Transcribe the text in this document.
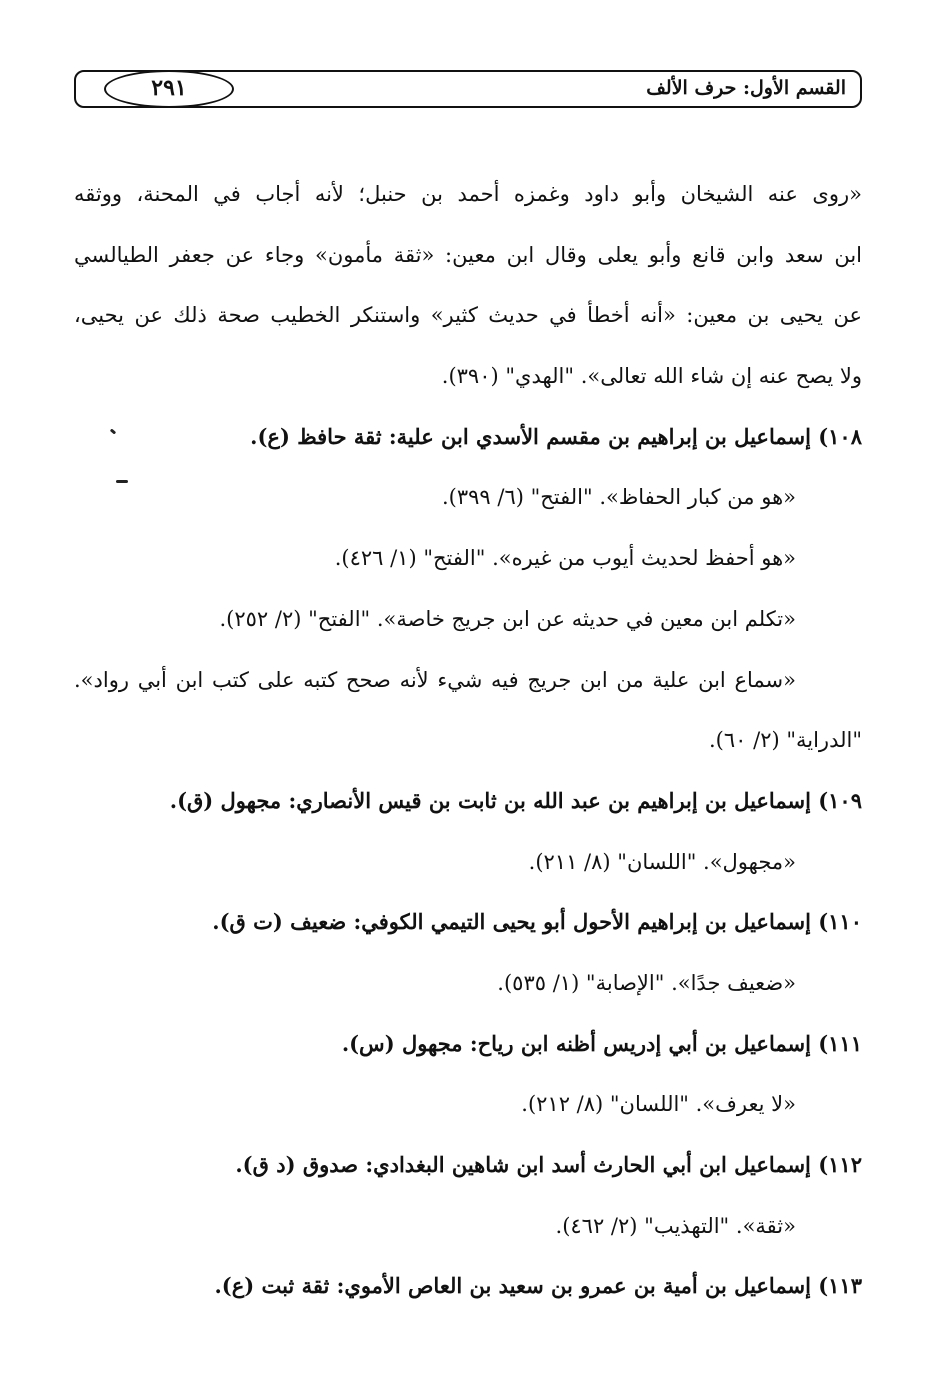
القسم الأول: حرف الألف
٢٩١
«روى عنه الشيخان وأبو داود وغمزه أحمد بن حنبل؛ لأنه أجاب في المحنة، ووثقه
ابن سعد وابن قانع وأبو يعلى وقال ابن معين: «ثقة مأمون» وجاء عن جعفر الطيالسي
عن يحيى بن معين: «أنه أخطأ في حديث كثير» واستنكر الخطيب صحة ذلك عن يحيى،
ولا يصح عنه إن شاء الله تعالى». "الهدي" (٣٩٠).
١٠٨) إسماعيل بن إبراهيم بن مقسم الأسدي ابن علية: ثقة حافظ (ع).
«هو من كبار الحفاظ». "الفتح" (٦/ ٣٩٩).
«هو أحفظ لحديث أيوب من غيره». "الفتح" (١/ ٤٢٦).
«تكلم ابن معين في حديثه عن ابن جريج خاصة». "الفتح" (٢/ ٢٥٢).
«سماع ابن علية من ابن جريج فيه شيء لأنه صحح كتبه على كتب ابن أبي رواد».
"الدراية" (٢/ ٦٠).
١٠٩) إسماعيل بن إبراهيم بن عبد الله بن ثابت بن قيس الأنصاري: مجهول (ق).
«مجهول». "اللسان" (٨/ ٢١١).
١١٠) إسماعيل بن إبراهيم الأحول أبو يحيى التيمي الكوفي: ضعيف (ت ق).
«ضعيف جدًا». "الإصابة" (١/ ٥٣٥).
١١١) إسماعيل بن أبي إدريس أظنه ابن رياح: مجهول (س).
«لا يعرف». "اللسان" (٨/ ٢١٢).
١١٢) إسماعيل ابن أبي الحارث أسد ابن شاهين البغدادي: صدوق (د ق).
«ثقة». "التهذيب" (٢/ ٤٦٢).
١١٣) إسماعيل بن أمية بن عمرو بن سعيد بن العاص الأموي: ثقة ثبت (ع).
